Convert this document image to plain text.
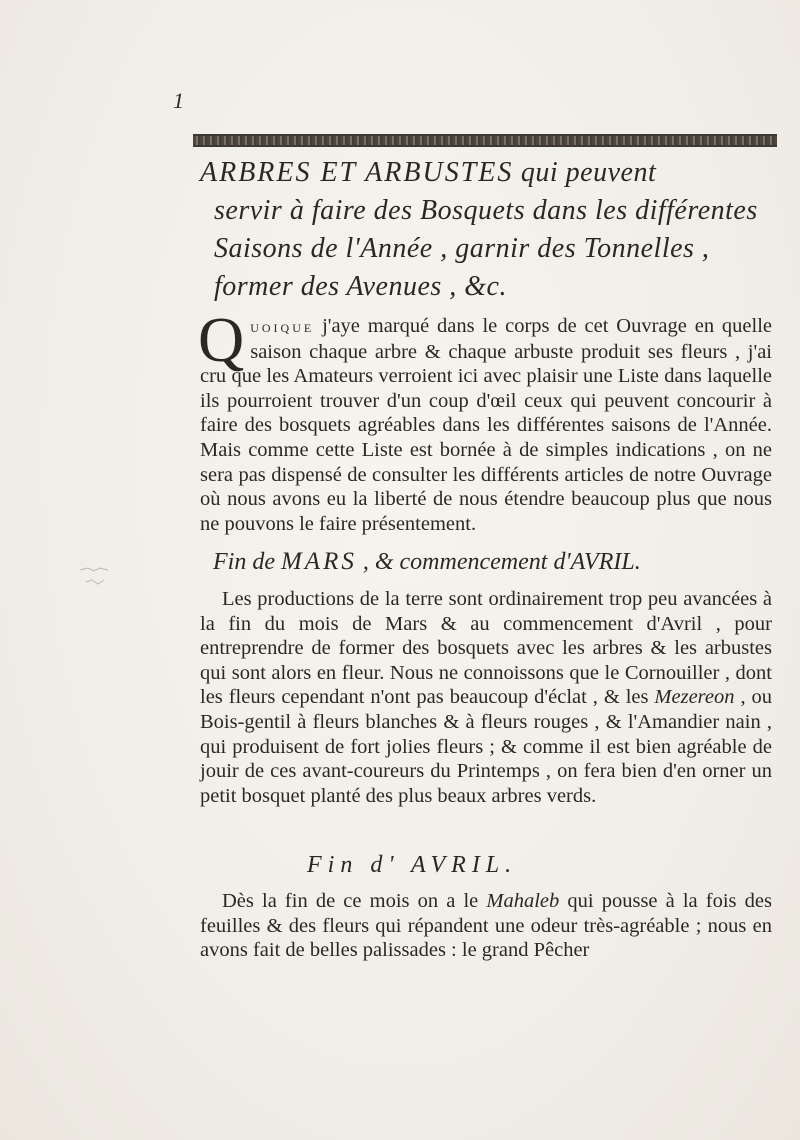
1
ARBRES ET ARBUSTES qui peuvent
servir à faire des Bosquets dans les différentes
Saisons de l'Année , garnir des Tonnelles ,
former des Avenues , &c.
Quoique j'aye marqué dans le corps de cet Ouvrage en quelle saison chaque arbre & chaque arbuste produit ses fleurs , j'ai cru que les Amateurs verroient ici avec plaisir une Liste dans laquelle ils pourroient trouver d'un coup d'œil ceux qui peuvent concourir à faire des bosquets agréables dans les différentes saisons de l'Année. Mais comme cette Liste est bornée à de simples indications , on ne sera pas dispensé de consulter les différents articles de notre Ouvrage où nous avons eu la liberté de nous étendre beaucoup plus que nous ne pouvons le faire présentement.
Fin de MARS , & commencement d'AVRIL.
Les productions de la terre sont ordinairement trop peu avancées à la fin du mois de Mars & au commencement d'Avril , pour entreprendre de former des bosquets avec les arbres & les arbustes qui sont alors en fleur. Nous ne connoissons que le Cornouiller , dont les fleurs cependant n'ont pas beaucoup d'éclat , & les Mezereon , ou Bois-gentil à fleurs blanches & à fleurs rouges , & l'Amandier nain , qui produisent de fort jolies fleurs ; & comme il est bien agréable de jouir de ces avant-coureurs du Printemps , on fera bien d'en orner un petit bosquet planté des plus beaux arbres verds.
Fin d' AVRIL.
Dès la fin de ce mois on a le Mahaleb qui pousse à la fois des feuilles & des fleurs qui répandent une odeur très-agréable ; nous en avons fait de belles palissades : le grand Pêcher
